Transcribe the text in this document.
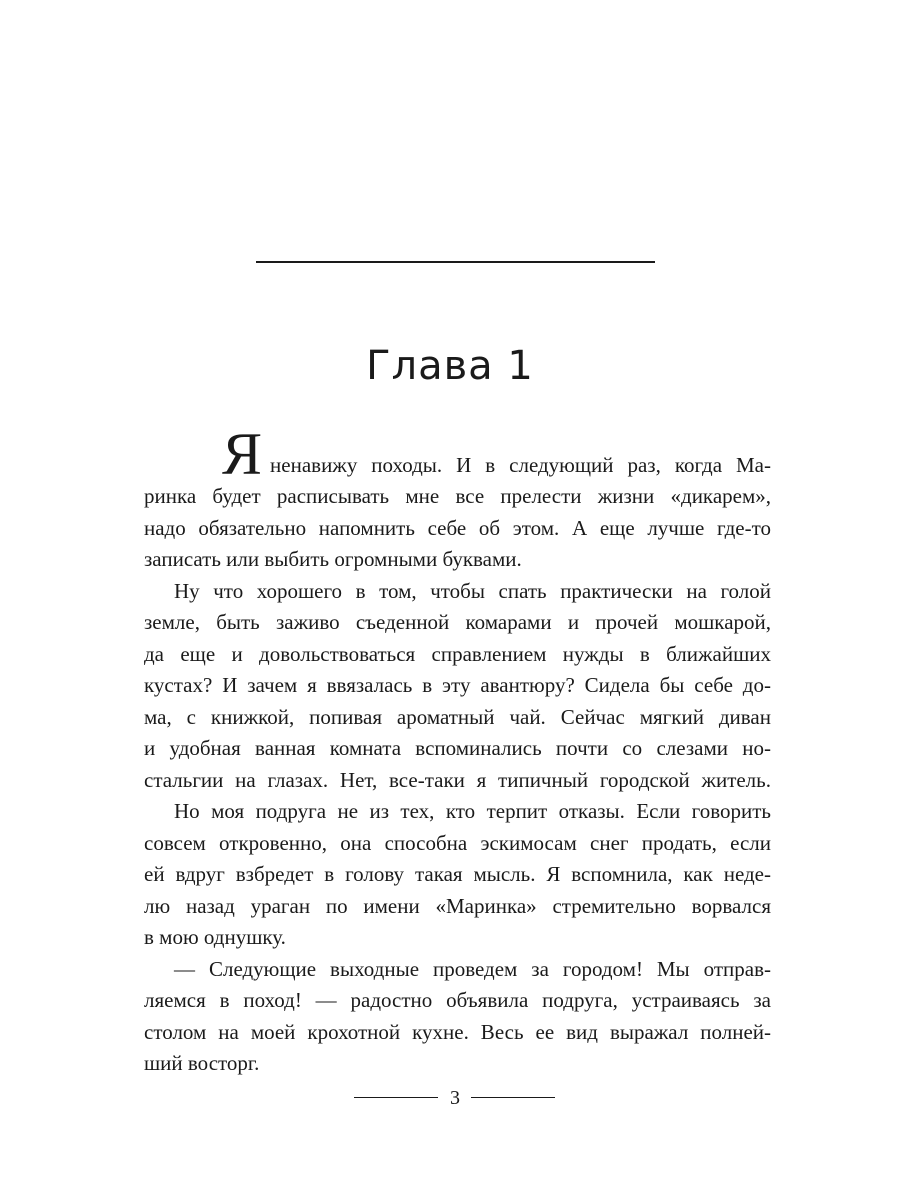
Глава 1
Я ненавижу походы. И в следующий раз, когда Ма-
ринка будет расписывать мне все прелести жизни «дикарем»,
надо обязательно напомнить себе об этом. А еще лучше где-то
записать или выбить огромными буквами.
Ну что хорошего в том, чтобы спать практически на голой
земле, быть заживо съеденной комарами и прочей мошкарой,
да еще и довольствоваться справлением нужды в ближайших
кустах? И зачем я ввязалась в эту авантюру? Сидела бы себе до-
ма, с книжкой, попивая ароматный чай. Сейчас мягкий диван
и удобная ванная комната вспоминались почти со слезами но-
стальгии на глазах. Нет, все-таки я типичный городской житель.
Но моя подруга не из тех, кто терпит отказы. Если говорить
совсем откровенно, она способна эскимосам снег продать, если
ей вдруг взбредет в голову такая мысль. Я вспомнила, как неде-
лю назад ураган по имени «Маринка» стремительно ворвался
в мою однушку.
— Следующие выходные проведем за городом! Мы отправ-
ляемся в поход! — радостно объявила подруга, устраиваясь за
столом на моей крохотной кухне. Весь ее вид выражал полней-
ший восторг.
3
